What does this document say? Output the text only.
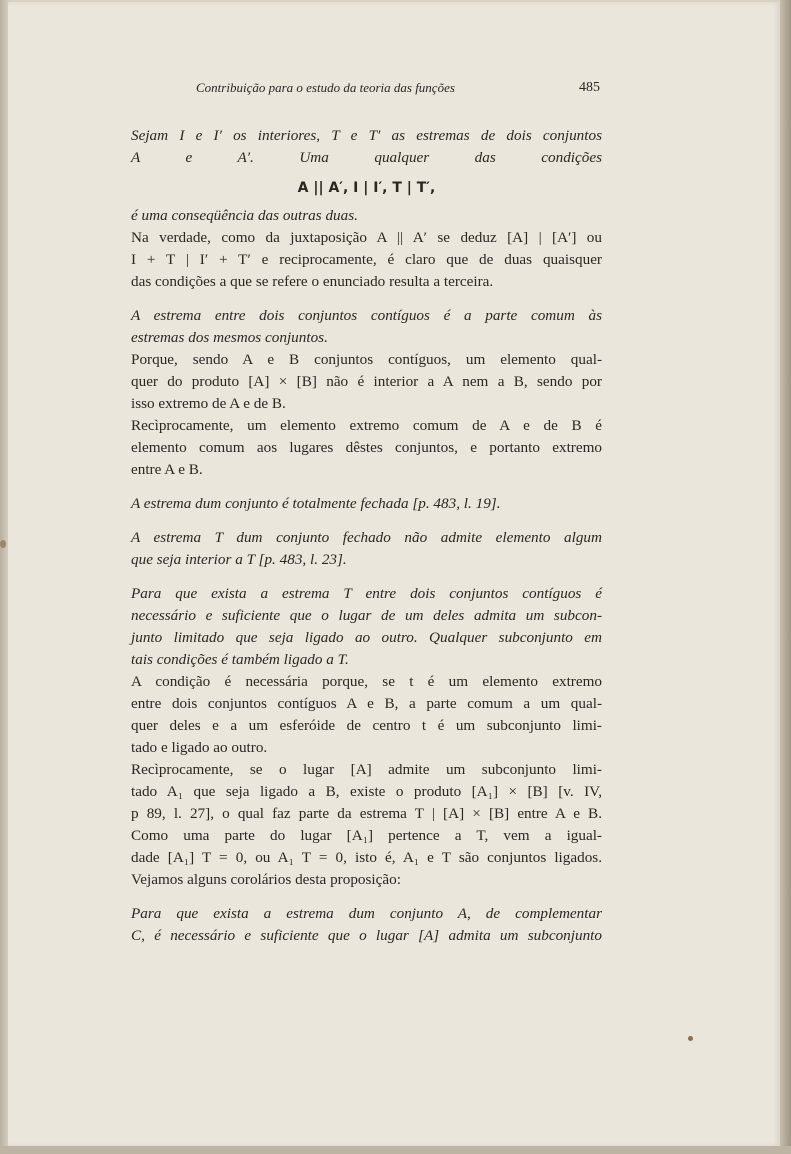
Contribuição para o estudo da teoria das funções	485
Sejam I e I′ os interiores, T e T′ as estremas de dois conjuntos
A e A′. Uma qualquer das condições
A || A′, I | I′, T | T′,
é uma conseqüência das outras duas.
Na verdade, como da juxtaposição A || A′ se deduz [A] | [A′] ou
I + T | I′ + T′ e reciprocamente, é claro que de duas quaisquer
das condições a que se refere o enunciado resulta a terceira.
A estrema entre dois conjuntos contíguos é a parte comum às
estremas dos mesmos conjuntos.
Porque, sendo A e B conjuntos contíguos, um elemento qual-
quer do produto [A] × [B] não é interior a A nem a B, sendo por
isso extremo de A e de B.
Recìprocamente, um elemento extremo comum de A e de B é
elemento comum aos lugares dêstes conjuntos, e portanto extremo
entre A e B.
A estrema dum conjunto é totalmente fechada [p. 483, l. 19].
A estrema T dum conjunto fechado não admite elemento algum
que seja interior a T [p. 483, l. 23].
Para que exista a estrema T entre dois conjuntos contíguos é
necessário e suficiente que o lugar de um deles admita um subcon-
junto limitado que seja ligado ao outro. Qualquer subconjunto em
tais condições é também ligado a T.
A condição é necessária porque, se t é um elemento extremo
entre dois conjuntos contíguos A e B, a parte comum a um qual-
quer deles e a um esferóide de centro t é um subconjunto limi-
tado e ligado ao outro.
Recìprocamente, se o lugar [A] admite um subconjunto limi-
tado A₁ que seja ligado a B, existe o produto [A₁] × [B] [v. IV,
p 89, l. 27], o qual faz parte da estrema T | [A] × [B] entre A e B.
Como uma parte do lugar [A₁] pertence a T, vem a igual-
dade [A₁] T = 0, ou A₁ T = 0, isto é, A₁ e T são conjuntos ligados.
Vejamos alguns corolários desta proposição:
Para que exista a estrema dum conjunto A, de complementar
C, é necessário e suficiente que o lugar [A] admita um subconjunto
